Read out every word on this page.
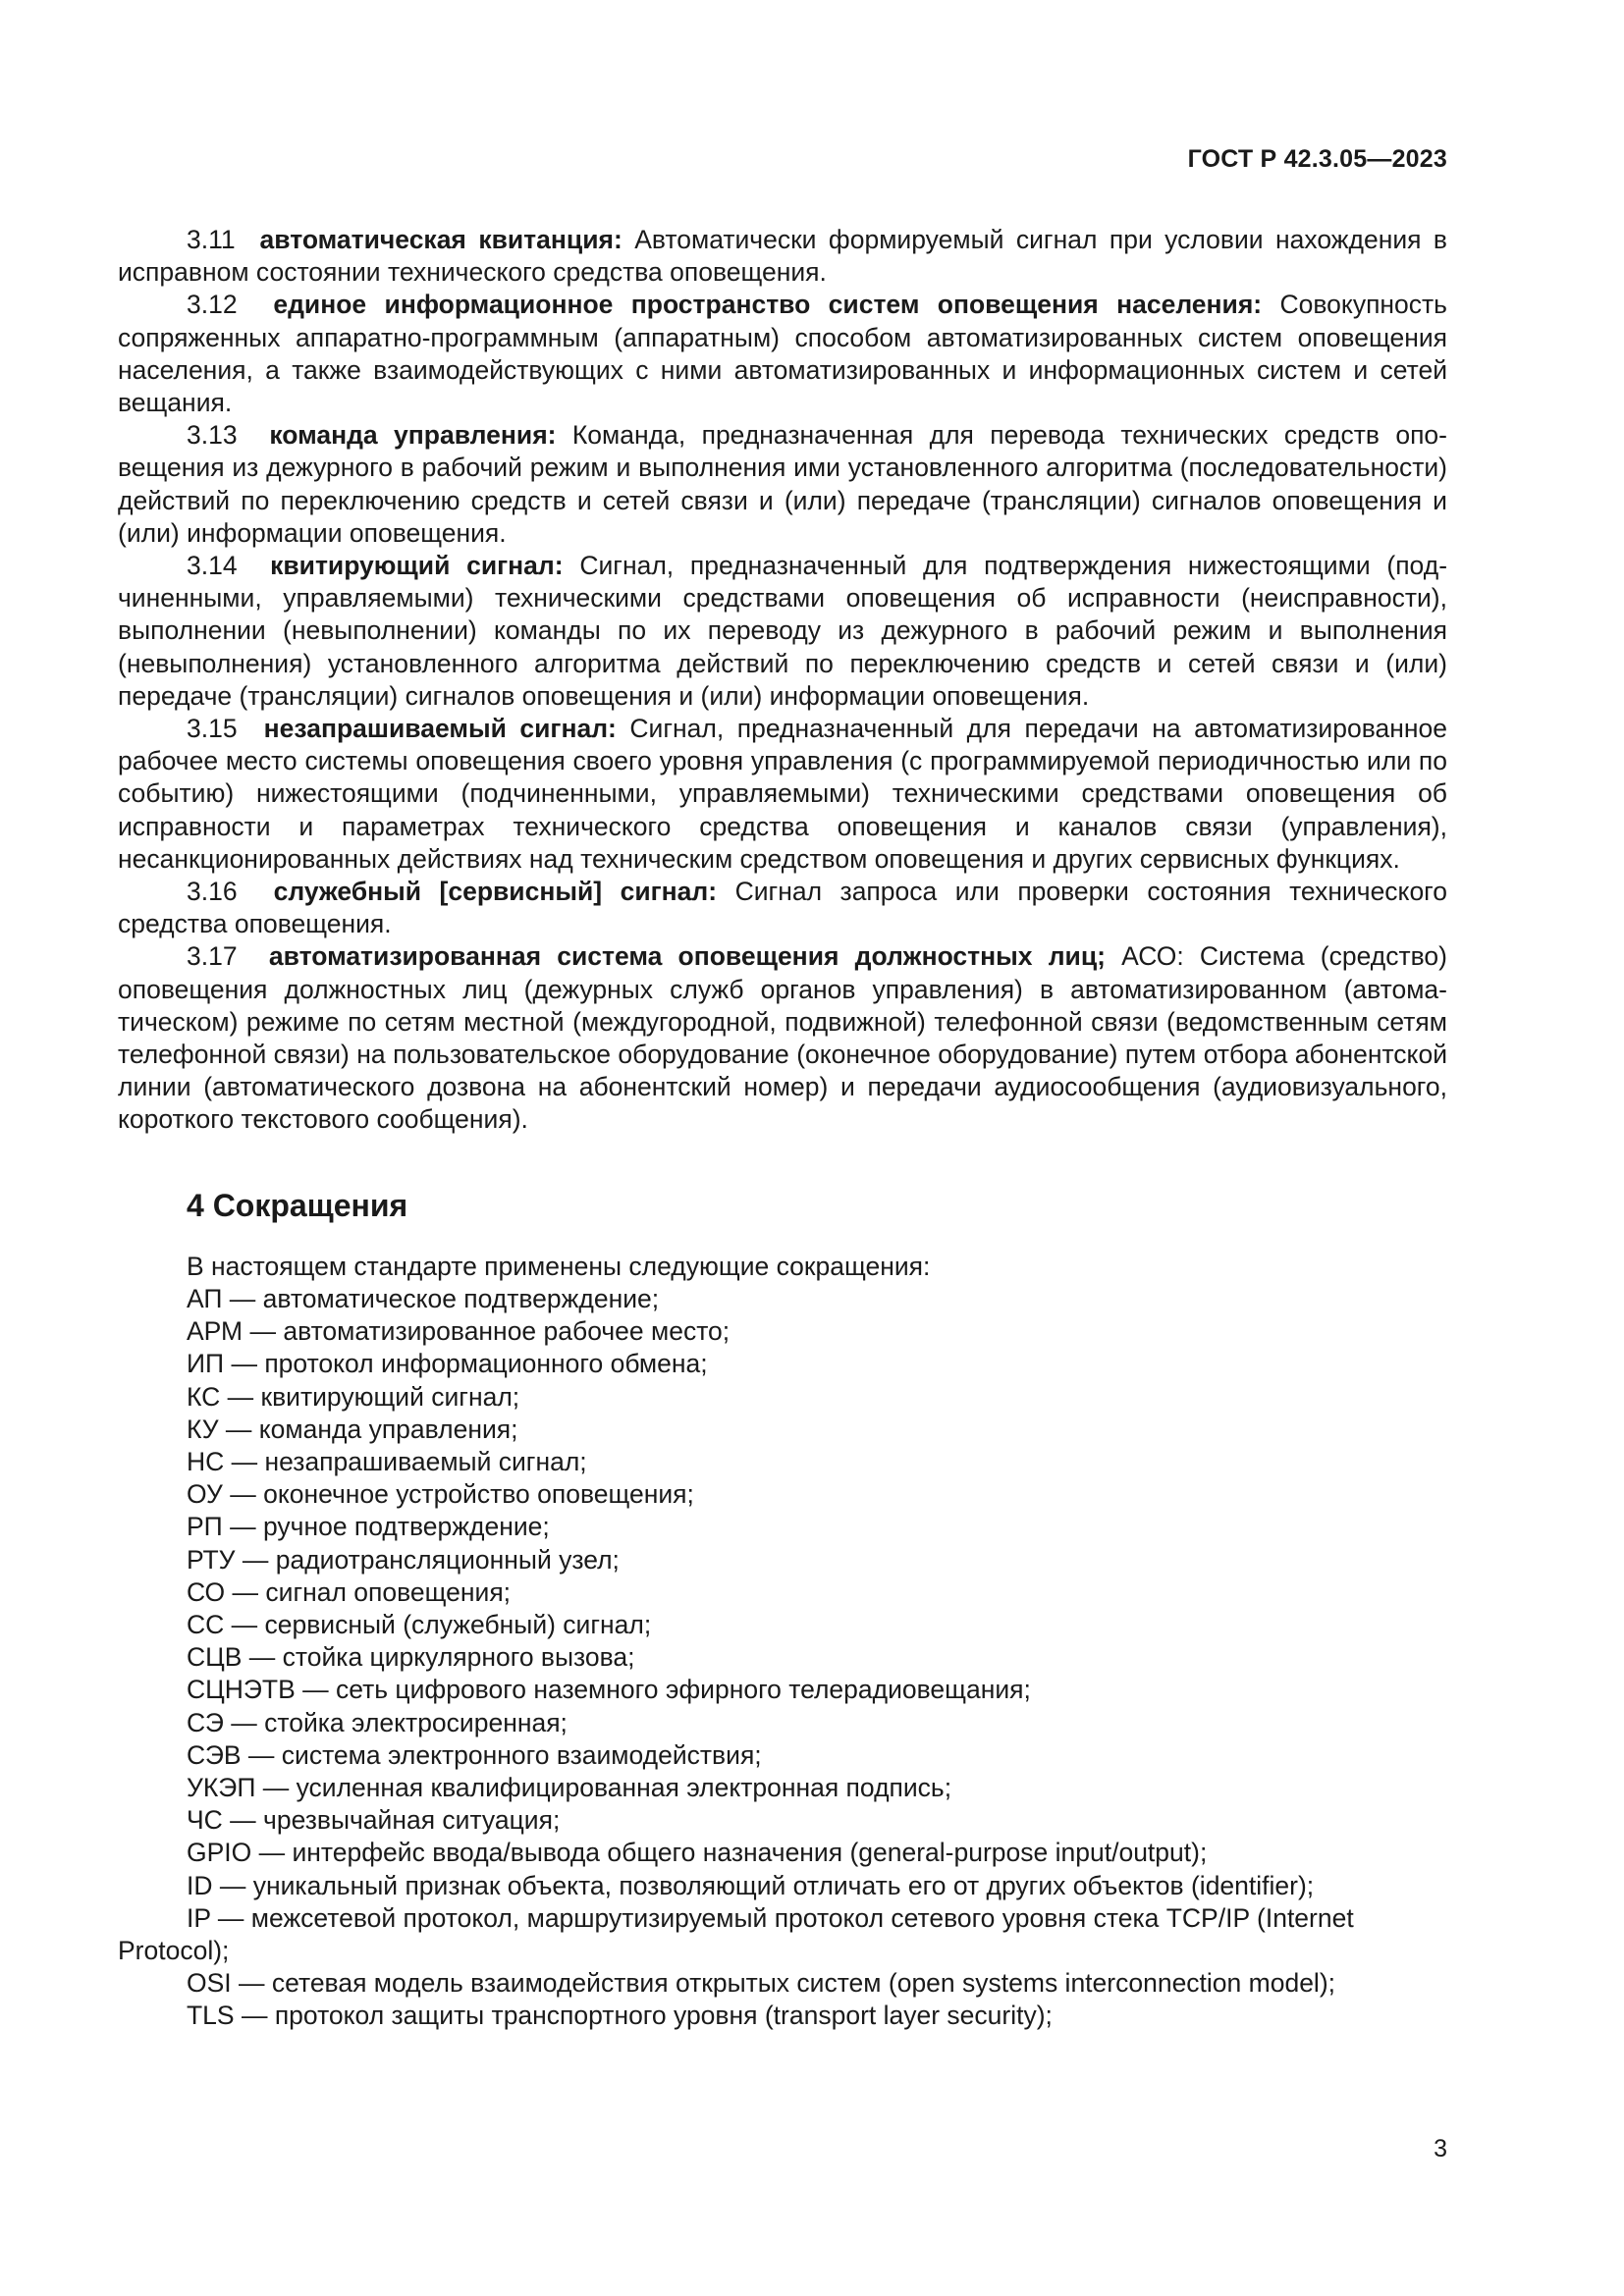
ГОСТ Р 42.3.05—2023

3.11 автоматическая квитанция: Автоматически формируемый сигнал при условии нахождения в исправном состоянии технического средства оповещения.

3.12 единое информационное пространство систем оповещения населения: Совокупность сопряженных аппаратно-программным (аппаратным) способом автоматизированных систем оповещения населения, а также взаимодействующих с ними автоматизированных и информационных систем и сетей вещания.

3.13 команда управления: Команда, предназначенная для перевода технических средств оповещения из дежурного в рабочий режим и выполнения ими установленного алгоритма (последовательности) действий по переключению средств и сетей связи и (или) передаче (трансляции) сигналов оповещения и (или) информации оповещения.

3.14 квитирующий сигнал: Сигнал, предназначенный для подтверждения нижестоящими (подчиненными, управляемыми) техническими средствами оповещения об исправности (неисправности), выполнении (невыполнении) команды по их переводу из дежурного в рабочий режим и выполнения (невыполнения) установленного алгоритма действий по переключению средств и сетей связи и (или) передаче (трансляции) сигналов оповещения и (или) информации оповещения.

3.15 незапрашиваемый сигнал: Сигнал, предназначенный для передачи на автоматизированное рабочее место системы оповещения своего уровня управления (с программируемой периодичностью или по событию) нижестоящими (подчиненными, управляемыми) техническими средствами оповещения об исправности и параметрах технического средства оповещения и каналов связи (управления), несанкционированных действиях над техническим средством оповещения и других сервисных функциях.

3.16 служебный [сервисный] сигнал: Сигнал запроса или проверки состояния технического средства оповещения.

3.17 автоматизированная система оповещения должностных лиц; АСО: Система (средство) оповещения должностных лиц (дежурных служб органов управления) в автоматизированном (автоматическом) режиме по сетям местной (междугородной, подвижной) телефонной связи (ведомственным сетям телефонной связи) на пользовательское оборудование (оконечное оборудование) путем отбора абонентской линии (автоматического дозвона на абонентский номер) и передачи аудиосообщения (аудиовизуального, короткого текстового сообщения).

4 Сокращения
В настоящем стандарте применены следующие сокращения:
АП — автоматическое подтверждение;
АРМ — автоматизированное рабочее место;
ИП — протокол информационного обмена;
КС — квитирующий сигнал;
КУ — команда управления;
НС — незапрашиваемый сигнал;
ОУ — оконечное устройство оповещения;
РП — ручное подтверждение;
РТУ — радиотрансляционный узел;
СО — сигнал оповещения;
СС — сервисный (служебный) сигнал;
СЦВ — стойка циркулярного вызова;
СЦНЭТВ — сеть цифрового наземного эфирного телерадиовещания;
СЭ — стойка электросиренная;
СЭВ — система электронного взаимодействия;
УКЭП — усиленная квалифицированная электронная подпись;
ЧС — чрезвычайная ситуация;
GPIO — интерфейс ввода/вывода общего назначения (general-purpose input/output);
ID — уникальный признак объекта, позволяющий отличать его от других объектов (identifier);
IP — межсетевой протокол, маршрутизируемый протокол сетевого уровня стека TCP/IP (Internet Protocol);
OSI — сетевая модель взаимодействия открытых систем (open systems interconnection model);
TLS — протокол защиты транспортного уровня (transport layer security);
3
